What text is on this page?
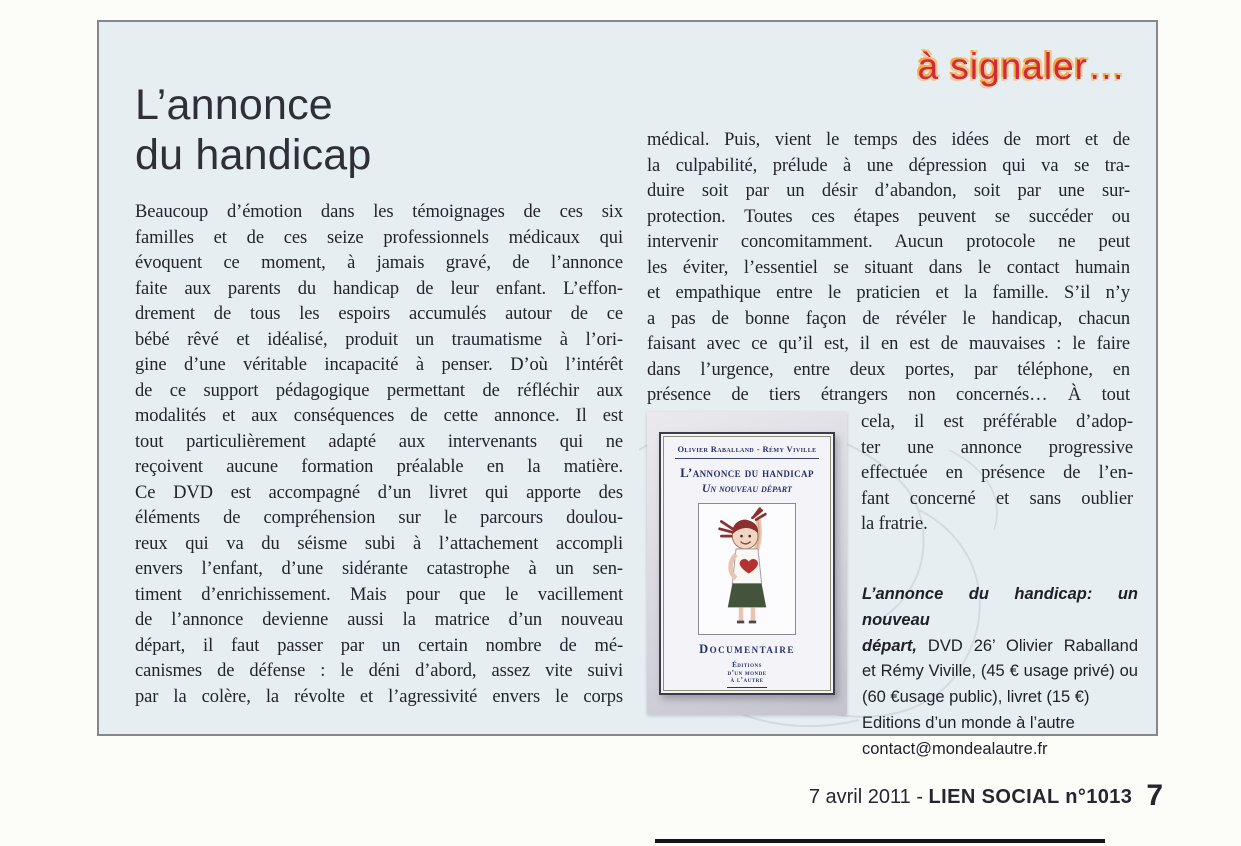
à signaler…
L’annonce
du handicap
Beaucoup d’émotion dans les témoignages de ces six
familles et de ces seize professionnels médicaux qui
évoquent ce moment, à jamais gravé, de l’annonce
faite aux parents du handicap de leur enfant. L’effon-
drement de tous les espoirs accumulés autour de ce
bébé rêvé et idéalisé, produit un traumatisme à l’ori-
gine d’une véritable incapacité à penser. D’où l’intérêt
de ce support pédagogique permettant de réfléchir aux
modalités et aux conséquences de cette annonce. Il est
tout particulièrement adapté aux intervenants qui ne
reçoivent aucune formation préalable en la matière.
Ce DVD est accompagné d’un livret qui apporte des
éléments de compréhension sur le parcours doulou-
reux qui va du séisme subi à l’attachement accompli
envers l’enfant, d’une sidérante catastrophe à un sen-
timent d’enrichissement. Mais pour que le vacillement
de l’annonce devienne aussi la matrice d’un nouveau
départ, il faut passer par un certain nombre de mé-
canismes de défense : le déni d’abord, assez vite suivi
par la colère, la révolte et l’agressivité envers le corps
médical. Puis, vient le temps des idées de mort et de
la culpabilité, prélude à une dépression qui va se tra-
duire soit par un désir d’abandon, soit par une sur-
protection. Toutes ces étapes peuvent se succéder ou
intervenir concomitamment. Aucun protocole ne peut
les éviter, l’essentiel se situant dans le contact humain
et empathique entre le praticien et la famille. S’il n’y
a pas de bonne façon de révéler le handicap, chacun
faisant avec ce qu’il est, il en est de mauvaises : le faire
dans l’urgence, entre deux portes, par téléphone, en
présence de tiers étrangers non concernés… À tout
cela, il est préférable d’adop-
ter une annonce progressive
effectuée en présence de l’en-
fant concerné et sans oublier
la fratrie.
Olivier Raballand - Rémy Viville
L’annonce du handicap
Un nouveau départ
Documentaire
Éditions
d’un monde
à l’autre
L’annonce du handicap: un nouveau
départ, DVD 26’ Olivier Raballand
et Rémy Viville, (45 € usage privé) ou
(60 €usage public), livret (15 €)
Editions d’un monde à l’autre
contact@mondealautre.fr
7 avril 2011 - LIEN SOCIAL n°1013 7
